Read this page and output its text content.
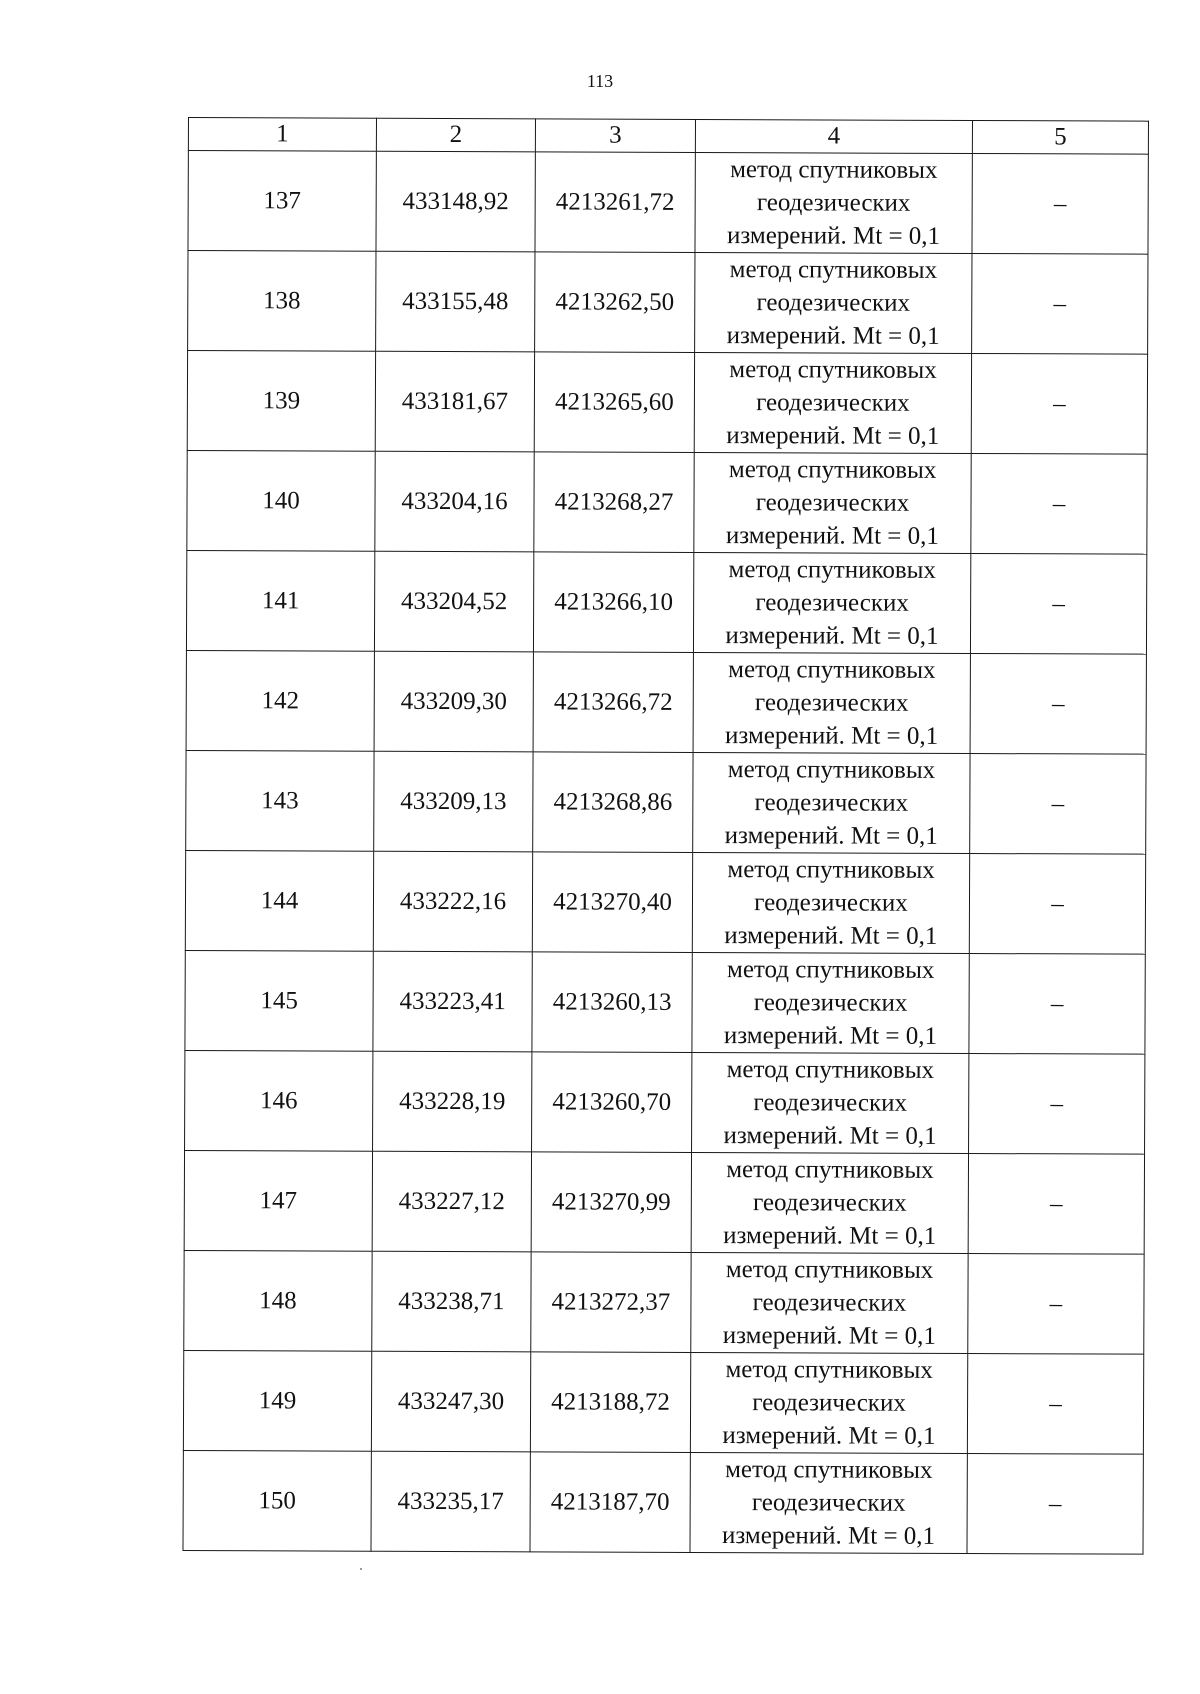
113
1	2	3	4	5
137	433148,92	4213261,72	метод спутниковых
геодезических
измерений. Mt = 0,1	–
138	433155,48	4213262,50	метод спутниковых
геодезических
измерений. Mt = 0,1	–
139	433181,67	4213265,60	метод спутниковых
геодезических
измерений. Mt = 0,1	–
140	433204,16	4213268,27	метод спутниковых
геодезических
измерений. Mt = 0,1	–
141	433204,52	4213266,10	метод спутниковых
геодезических
измерений. Mt = 0,1	–
142	433209,30	4213266,72	метод спутниковых
геодезических
измерений. Mt = 0,1	–
143	433209,13	4213268,86	метод спутниковых
геодезических
измерений. Mt = 0,1	–
144	433222,16	4213270,40	метод спутниковых
геодезических
измерений. Mt = 0,1	–
145	433223,41	4213260,13	метод спутниковых
геодезических
измерений. Mt = 0,1	–
146	433228,19	4213260,70	метод спутниковых
геодезических
измерений. Mt = 0,1	–
147	433227,12	4213270,99	метод спутниковых
геодезических
измерений. Mt = 0,1	–
148	433238,71	4213272,37	метод спутниковых
геодезических
измерений. Mt = 0,1	–
149	433247,30	4213188,72	метод спутниковых
геодезических
измерений. Mt = 0,1	–
150	433235,17	4213187,70	метод спутниковых
геодезических
измерений. Mt = 0,1	–
